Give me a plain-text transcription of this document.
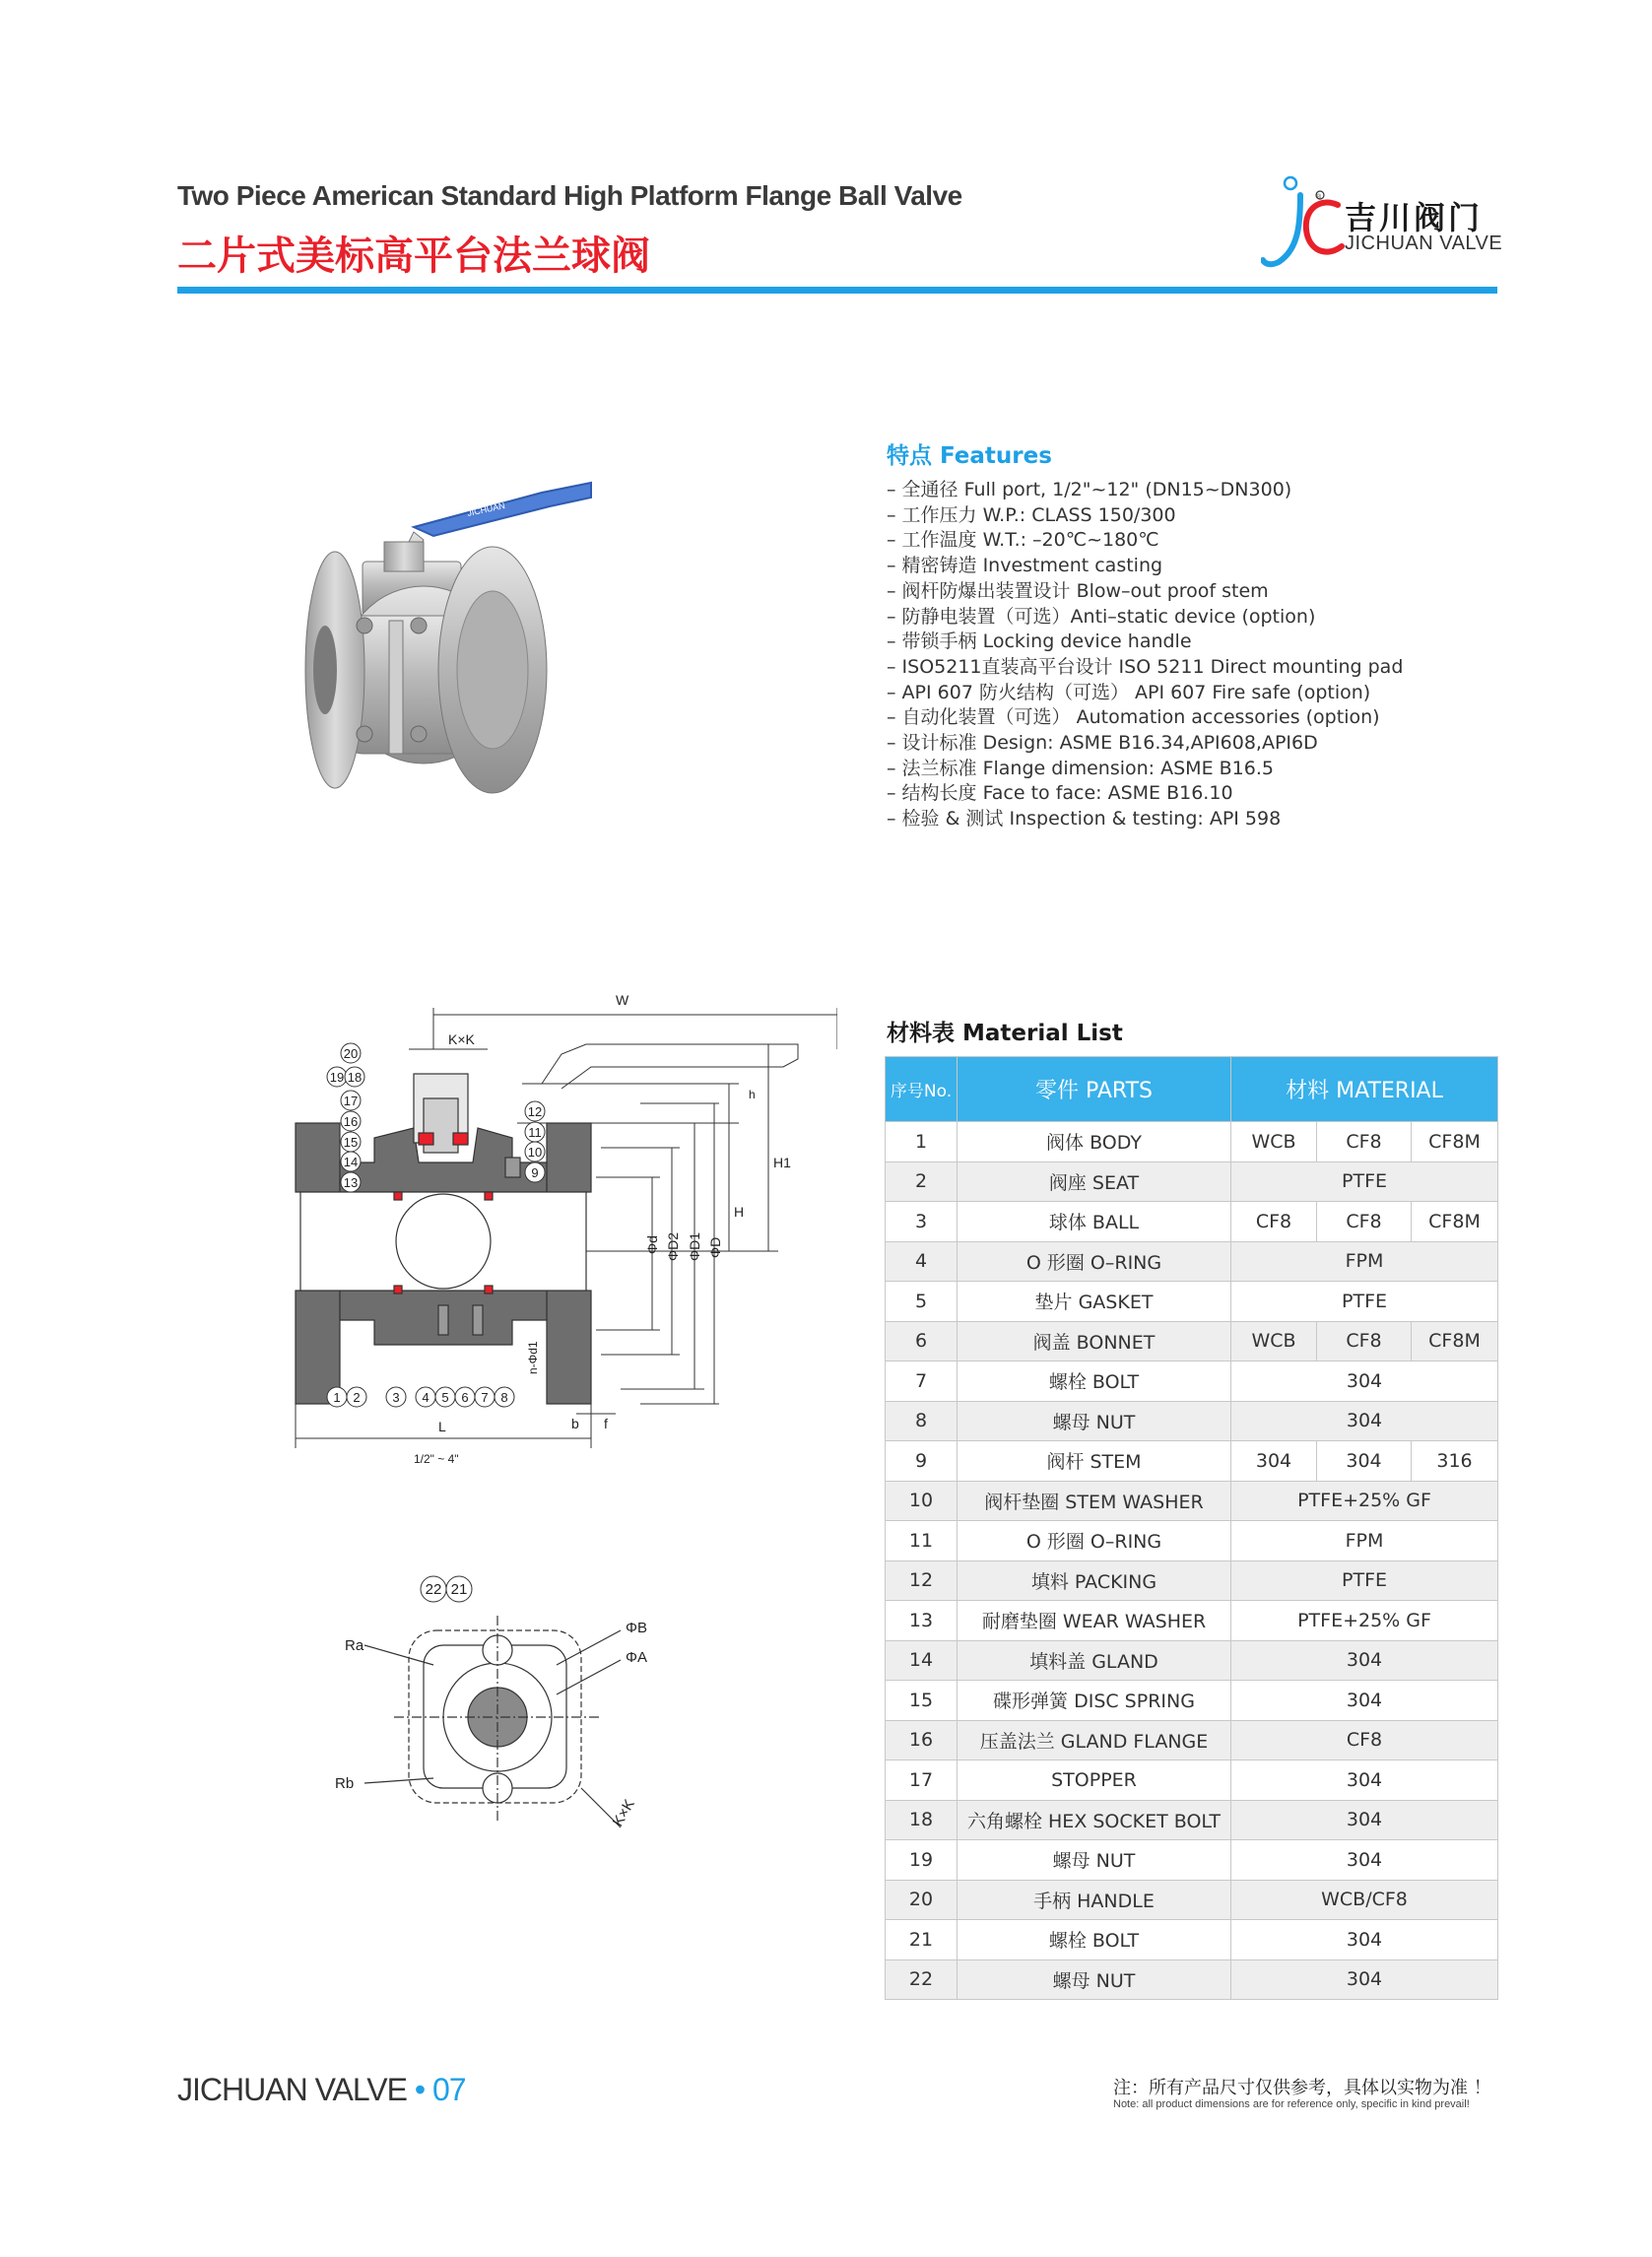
Two Piece American Standard High Platform Flange Ball Valve
二片式美标高平台法兰球阀
®
吉川阀门
JICHUAN VALVE
JICHUAN
特点 Features
– 全通径 Full port, 1/2"~12" (DN15~DN300)
– 工作压力 W.P.: CLASS 150/300
– 工作温度 W.T.: –20℃~180℃
– 精密铸造 Investment casting
– 阀杆防爆出装置设计 Blow–out proof stem
– 防静电装置（可选）Anti–static device (option)
– 带锁手柄 Locking device handle
– ISO5211直装高平台设计 ISO 5211 Direct mounting pad
– API 607 防火结构（可选） API 607 Fire safe (option)
– 自动化装置（可选） Automation accessories (option)
– 设计标准 Design: ASME B16.34,API608,API6D
– 法兰标准 Flange dimension: ASME B16.5
– 结构长度 Face to face: ASME B16.10
– 检验 & 测试 Inspection & testing: API 598
W
K×K
h
H1
H
Φd ΦD2 ΦD1 ΦD
n-Φd1
b f
L
1/2" ~ 4"
20
19 18
17
16
15
14
13
12
11
10
9
1 2	3 4 5 6 7 8
22 21
Ra
Rb
ΦB
ΦA
K×K
材料表 Material List
序号No.	零件 PARTS	材料 MATERIAL		
1	阀体 BODY	WCB	CF8	CF8M
2	阀座 SEAT	PTFE		
3	球体 BALL	CF8	CF8	CF8M
4	O 形圈 O–RING	FPM		
5	垫片 GASKET	PTFE		
6	阀盖 BONNET	WCB	CF8	CF8M
7	螺栓 BOLT	304		
8	螺母 NUT	304		
9	阀杆 STEM	304	304	316
10	阀杆垫圈 STEM WASHER	PTFE+25% GF		
11	O 形圈 O–RING	FPM		
12	填料 PACKING	PTFE		
13	耐磨垫圈 WEAR WASHER	PTFE+25% GF		
14	填料盖 GLAND	304		
15	碟形弹簧 DISC SPRING	304		
16	压盖法兰 GLAND FLANGE	CF8		
17	STOPPER	304		
18	六角螺栓 HEX SOCKET BOLT	304		
19	螺母 NUT	304		
20	手柄 HANDLE	WCB/CF8		
21	螺栓 BOLT	304		
22	螺母 NUT	304		
JICHUAN VALVE • 07	注：所有产品尺寸仅供参考，具体以实物为准 ！
Note: all product dimensions are for reference only, specific in kind prevail!
